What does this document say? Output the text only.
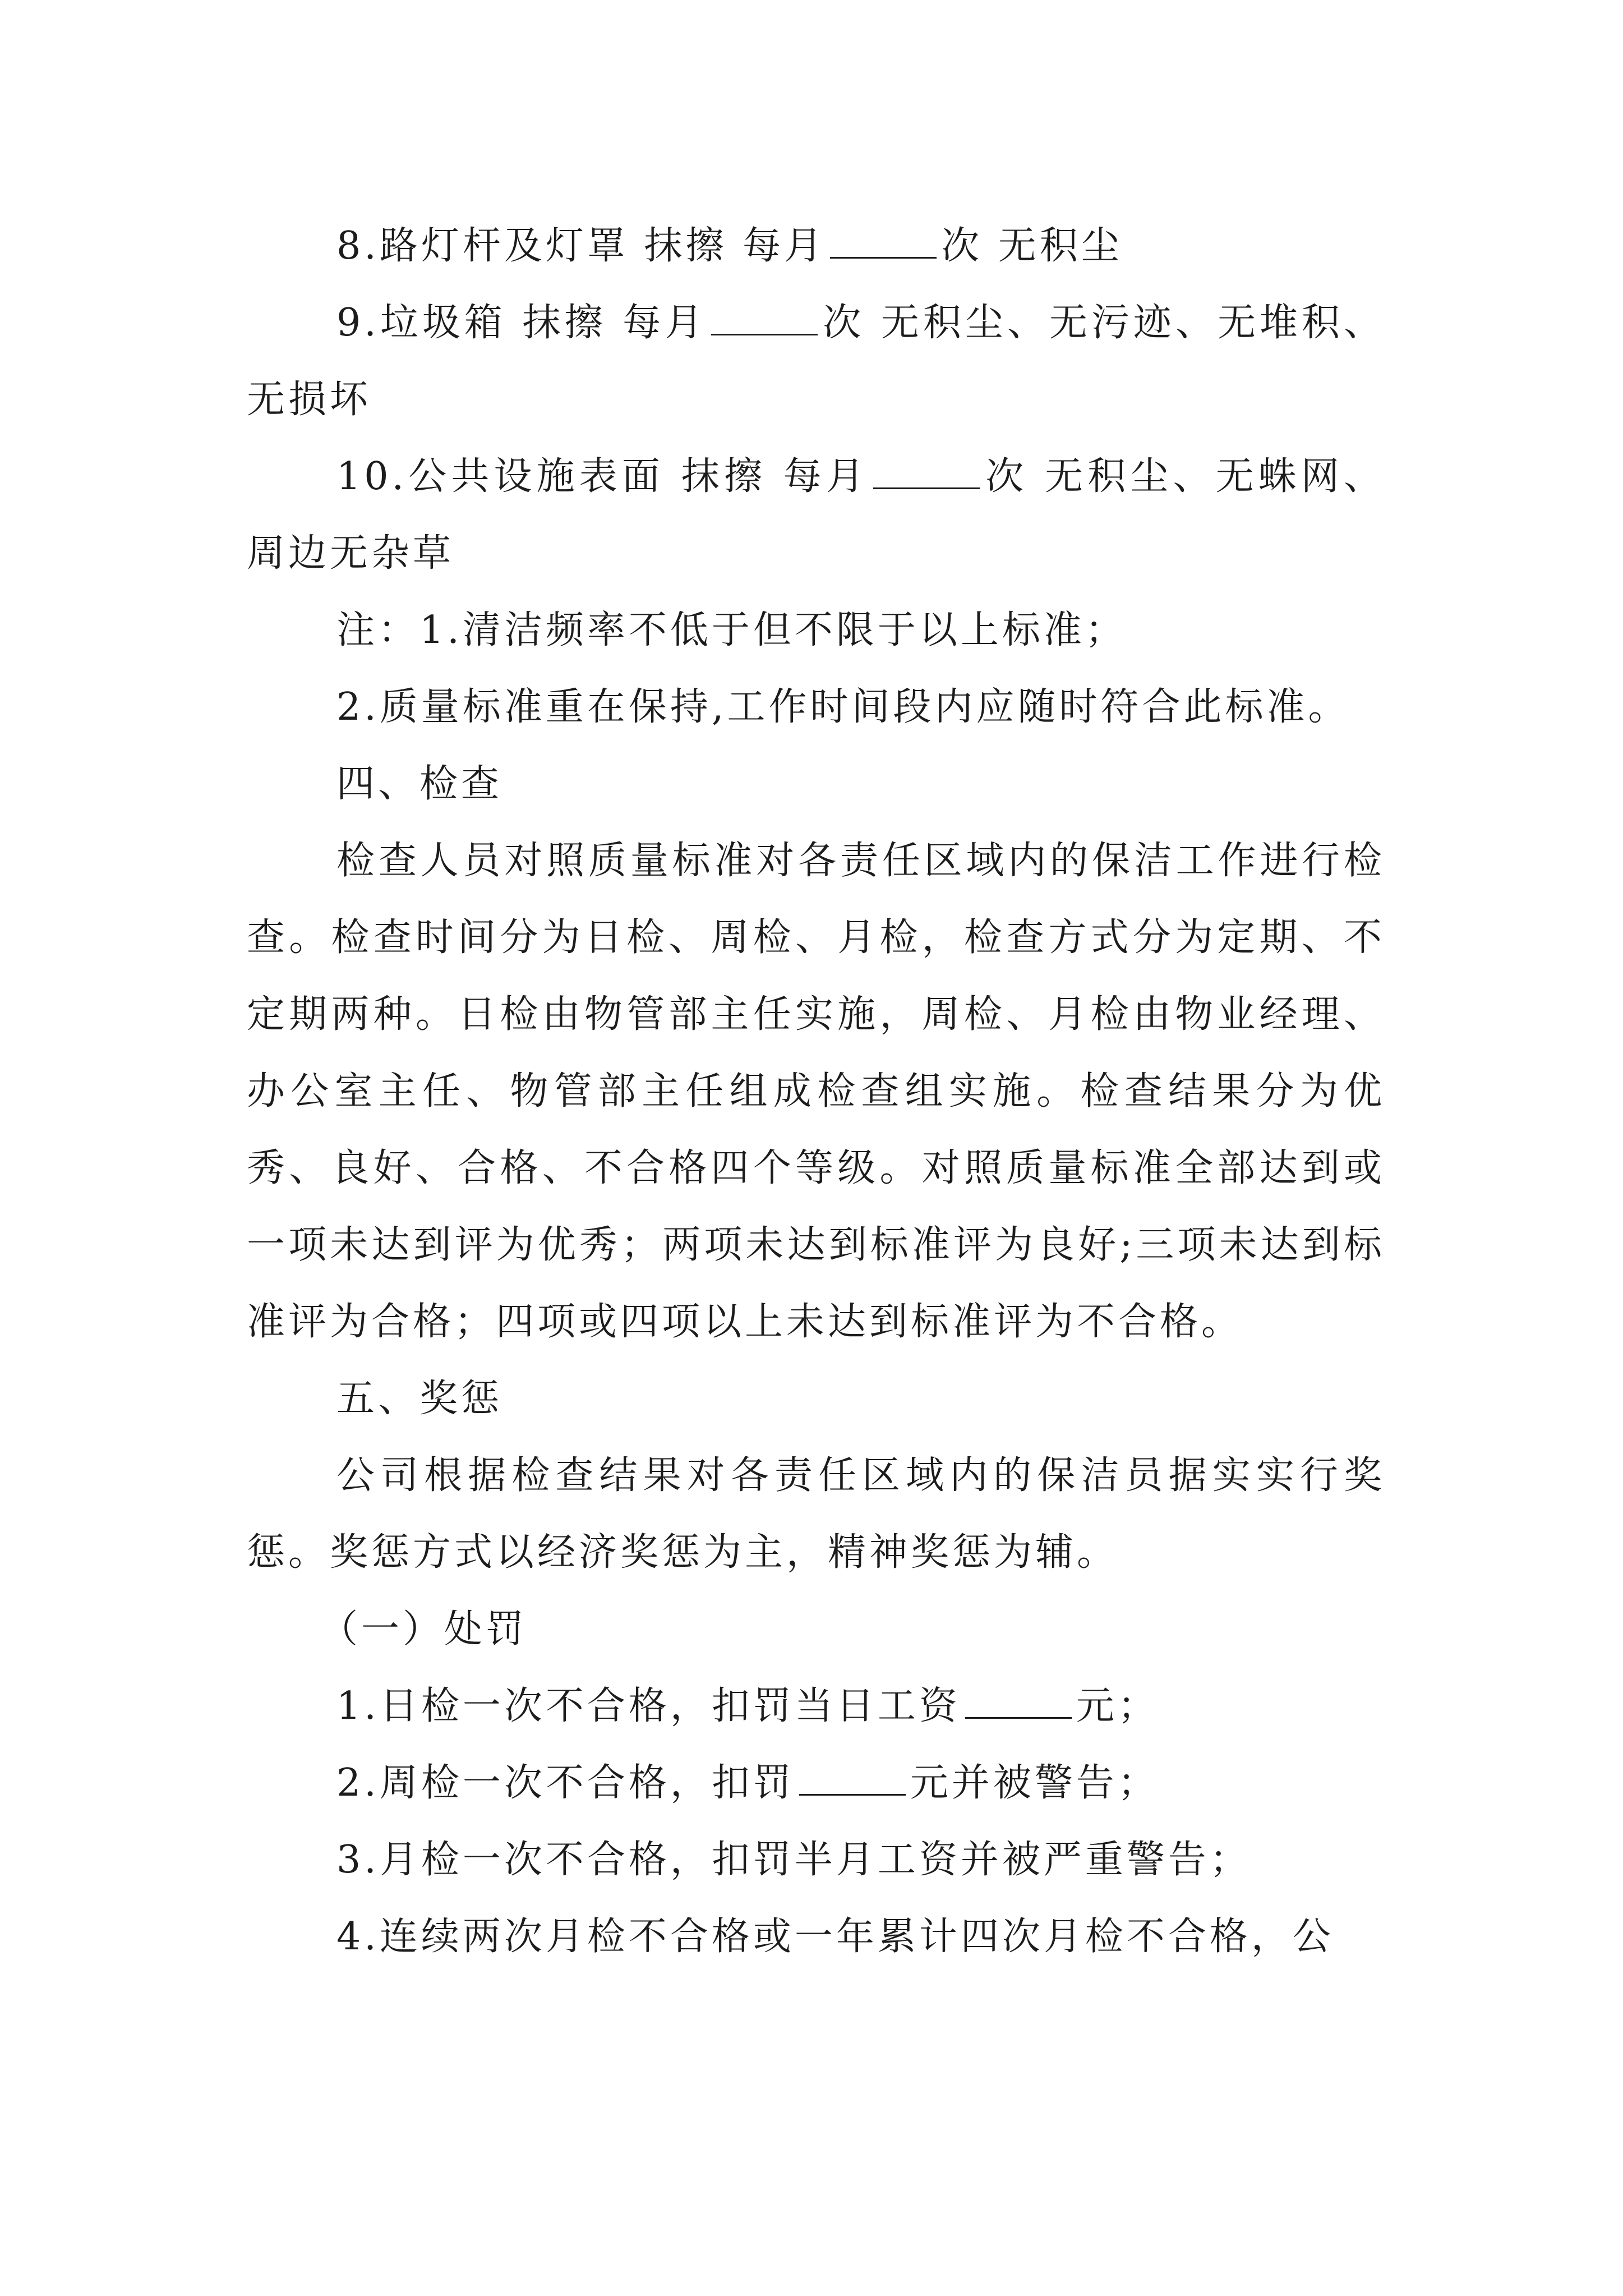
8.路灯杆及灯罩 抹擦 每月	次 无积尘

9.垃圾箱 抹擦 每月	次 无积尘、无污迹、无堆积、无损坏

10.公共设施表面 抹擦 每月	次 无积尘、无蛛网、周边无杂草

注：1.清洁频率不低于但不限于以上标准；

2.质量标准重在保持,工作时间段内应随时符合此标准。

四、检查

检查人员对照质量标准对各责任区域内的保洁工作进行检查。检查时间分为日检、周检、月检，检查方式分为定期、不定期两种。日检由物管部主任实施，周检、月检由物业经理、办公室主任、物管部主任组成检查组实施。检查结果分为优秀、良好、合格、不合格四个等级。对照质量标准全部达到或一项未达到评为优秀；两项未达到标准评为良好;三项未达到标准评为合格；四项或四项以上未达到标准评为不合格。

五、奖惩

公司根据检查结果对各责任区域内的保洁员据实实行奖惩。奖惩方式以经济奖惩为主，精神奖惩为辅。

（一）处罚

1.日检一次不合格，扣罚当日工资	元；

2.周检一次不合格，扣罚	元并被警告；

3.月检一次不合格，扣罚半月工资并被严重警告；

4.连续两次月检不合格或一年累计四次月检不合格，公
